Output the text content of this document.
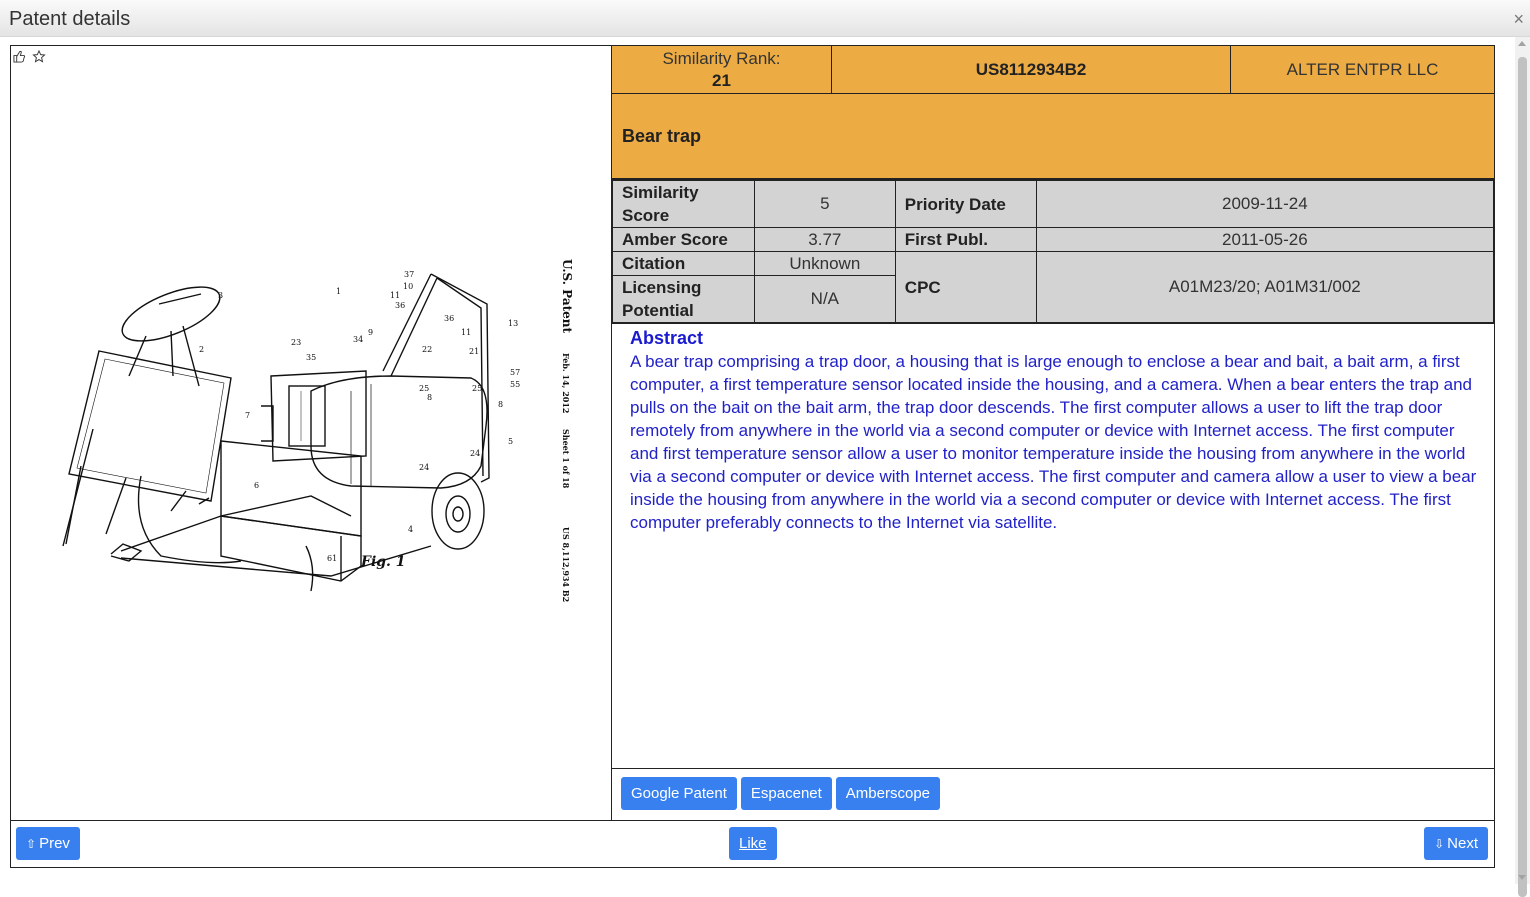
Patent details	×
3	1
2
37
10
11
36
36
11
13
23
35
34
9
22	21
25
8
25
57
55
8
7
5
24
24
6
4
61 Fig. 1
U.S. Patent
Feb. 14, 2012
Sheet 1 of 18
US 8,112,934 B2

Similarity Rank:
21
US8112934B2	ALTER ENTPR LLC
Bear trap
Similarity Score	5	Priority Date	2009-11-24
Amber Score	3.77	First Publ.	2011-05-26
Citation	Unknown	CPC	A01M23/20; A01M31/002
Licensing Potential	N/A		
Abstract

A bear trap comprising a trap door, a housing that is large enough to enclose a bear and bait, a bait arm, a first computer, a first temperature sensor located inside the housing, and a camera. When a bear enters the trap and pulls on the bait on the bait arm, the trap door descends. The first computer allows a user to lift the trap door remotely from anywhere in the world via a second computer or device with Internet access. The first computer and first temperature sensor allow a user to monitor temperature inside the housing from anywhere in the world via a second computer or device with Internet access. The first computer and camera allow a user to view a bear inside the housing from anywhere in the world via a second computer or device with Internet access. The first computer preferably connects to the Internet via satellite.

Google Patent	Espacenet	Amberscope
⇧ Prev	Like	⇩ Next
